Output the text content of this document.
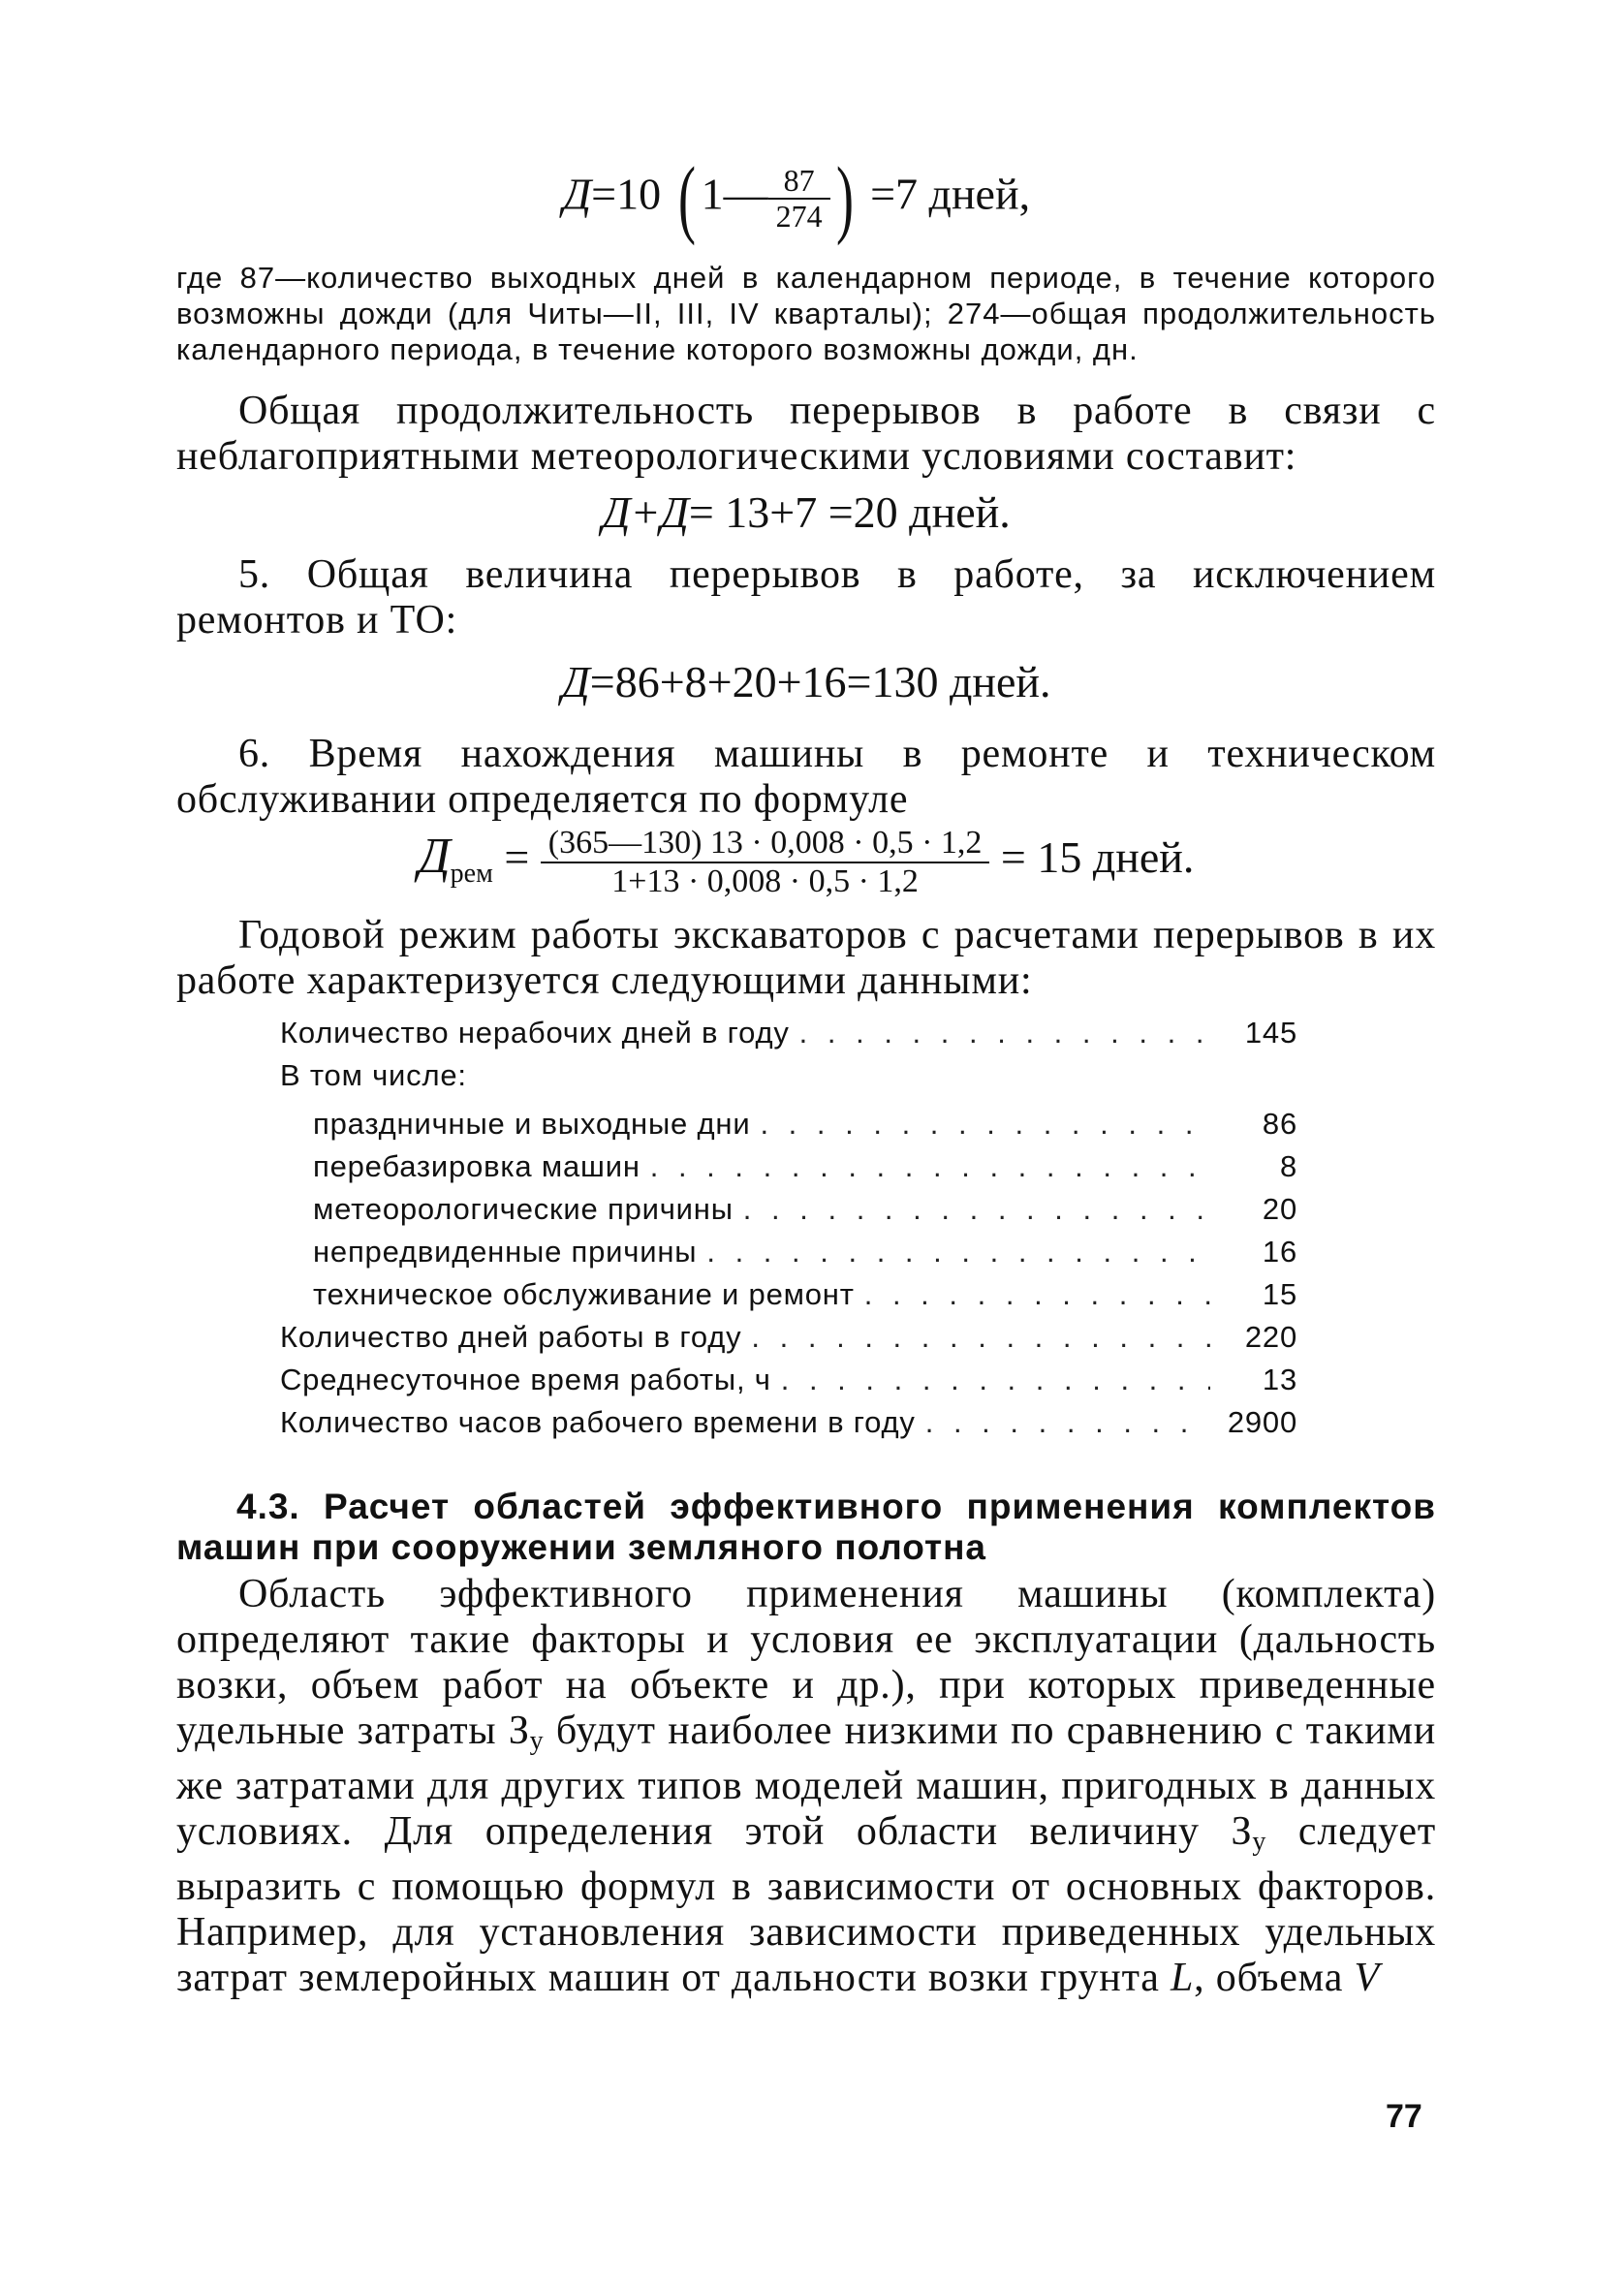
Д=10 ( 1— $\frac{87}{274}$ ) =7 дней,

где 87—количество выходных дней в календарном периоде, в течение которого возможны дожди (для Читы—II, III, IV кварталы); 274—общая продолжительность календарного периода, в течение которого возможны дожди, дн.

Общая продолжительность перерывов в работе в связи с неблагоприятными метеорологическими условиями составит:

Д+Д= 13+7 =20 дней.

5. Общая величина перерывов в работе, за исключением ремонтов и ТО:

Д=86+8+20+16=130 дней.

6. Время нахождения машины в ремонте и техническом обслуживании определяется по формуле

$Д_{рем} = \frac{(365—130) 13 \cdot 0,008 \cdot 0,5 \cdot 1,2}{1+13 \cdot 0,008 \cdot 0,5 \cdot 1,2} = 15$ дней.

Годовой режим работы экскаваторов с расчетами перерывов в их работе характеризуется следующими данными:

Количество нерабочих дней в году . . .	145
В том числе:
праздничные и выходные дни . . .	86
перебазировка машин . . .	8
метеорологические причины . . .	20
непредвиденные причины . . .	16
техническое обслуживание и ремонт . . .	15
Количество дней работы в году . . .	220
Среднесуточное время работы, ч . . .	13
Количество часов рабочего времени в году . . .	2900
4.3. Расчет областей эффективного применения комплектов машин при сооружении земляного полотна

Область эффективного применения машины (комплекта) определяют такие факторы и условия ее эксплуатации (дальность возки, объем работ на объекте и др.), при которых приведенные удельные затраты $З_у$ будут наиболее низкими по сравнению с такими же затратами для других типов моделей машин, пригодных в данных условиях. Для определения этой области величину $З_у$ следует выразить с помощью формул в зависимости от основных факторов. Например, для установления зависимости приведенных удельных затрат землеройных машин от дальности возки грунта L, объема V

77
